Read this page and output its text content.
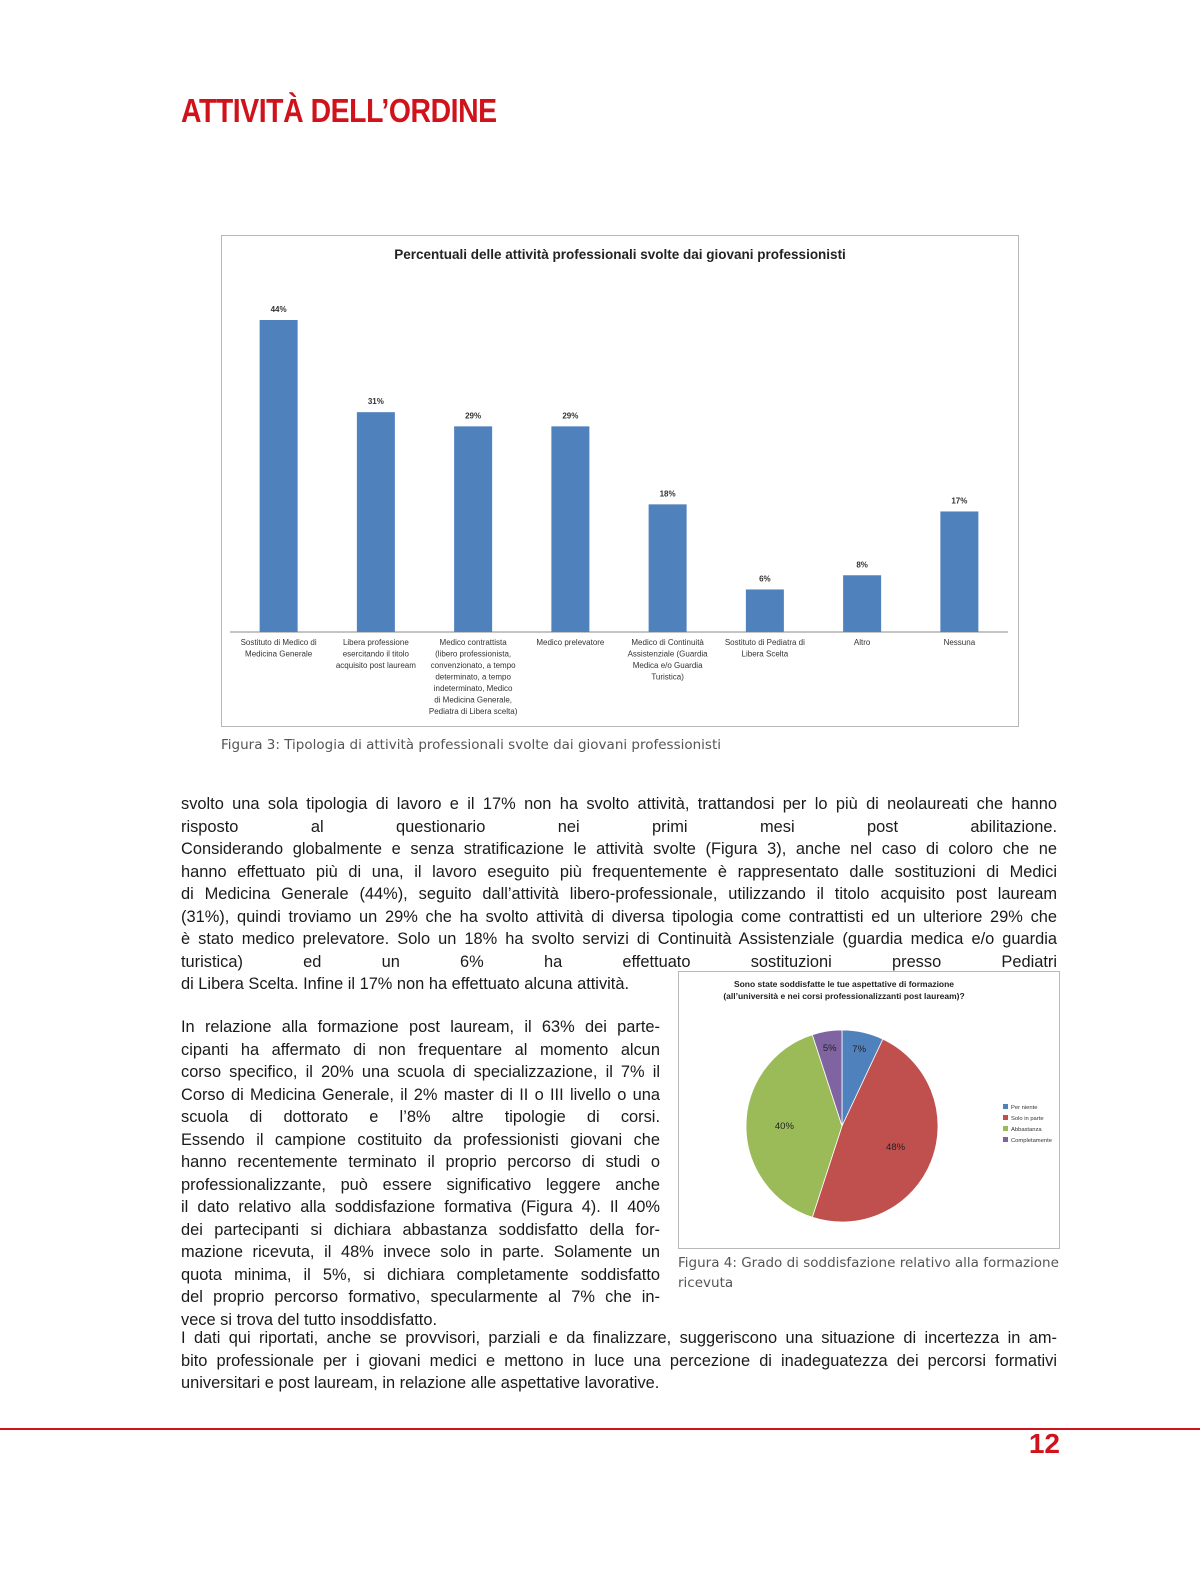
ATTIVITÀ DELL’ORDINE
Percentuali delle attività professionali svolte dai giovani professionisti
44%
Sostituto di Medico di
Medicina Generale
31%
Libera professione
esercitando il titolo
acquisito post lauream
29%
Medico contrattista
(libero professionista,
convenzionato, a tempo
determinato, a tempo
indeterminato, Medico
di Medicina Generale,
Pediatra di Libera scelta)
29%
Medico prelevatore
18%
Medico di Continuità
Assistenziale (Guardia
Medica e/o Guardia
Turistica)
6%
Sostituto di Pediatra di
Libera Scelta
8%
Altro
17%
Nessuna

Figura 3: Tipologia di attività professionali svolte dai giovani professionisti

svolto una sola tipologia di lavoro e il 17% non ha svolto attività, trattandosi per lo più di neolaureati che hanno
risposto al questionario nei primi mesi post abilitazione.
Considerando globalmente e senza stratificazione le attività svolte (Figura 3), anche nel caso di coloro che ne
hanno effettuato più di una, il lavoro eseguito più frequentemente è rappresentato dalle sostituzioni di Medici
di Medicina Generale (44%), seguito dall’attività libero-professionale, utilizzando il titolo acquisito post lauream
(31%), quindi troviamo un 29% che ha svolto attività di diversa tipologia come contrattisti ed un ulteriore 29% che
è stato medico prelevatore. Solo un 18% ha svolto servizi di Continuità Assistenziale (guardia medica e/o guardia
turistica) ed un 6% ha effettuato sostituzioni presso Pediatri
di Libera Scelta. Infine il 17% non ha effettuato alcuna attività.
In relazione alla formazione post lauream, il 63% dei parte-
cipanti ha affermato di non frequentare al momento alcun
corso specifico, il 20% una scuola di specializzazione, il 7% il
Corso di Medicina Generale, il 2% master di II o III livello o una
scuola di dottorato e l’8% altre tipologie di corsi.
Essendo il campione costituito da professionisti giovani che
hanno recentemente terminato il proprio percorso di studi o
professionalizzante, può essere significativo leggere anche
il dato relativo alla soddisfazione formativa (Figura 4). Il 40%
dei partecipanti si dichiara abbastanza soddisfatto della for-
mazione ricevuta, il 48% invece solo in parte. Solamente un
quota minima, il 5%, si dichiara completamente soddisfatto
del proprio percorso formativo, specularmente al 7% che in-
vece si trova del tutto insoddisfatto.
Sono state soddisfatte le tue aspettative di formazione
(all’università e nei corsi professionalizzanti post lauream)?
7%
48%
40%
5%
Per niente
Solo in parte
Abbastanza
Completamente

Figura 4: Grado di soddisfazione relativo alla formazione ricevuta

I dati qui riportati, anche se provvisori, parziali e da finalizzare, suggeriscono una situazione di incertezza in am-
bito professionale per i giovani medici e mettono in luce una percezione di inadeguatezza dei percorsi formativi
universitari e post lauream, in relazione alle aspettative lavorative.
12
